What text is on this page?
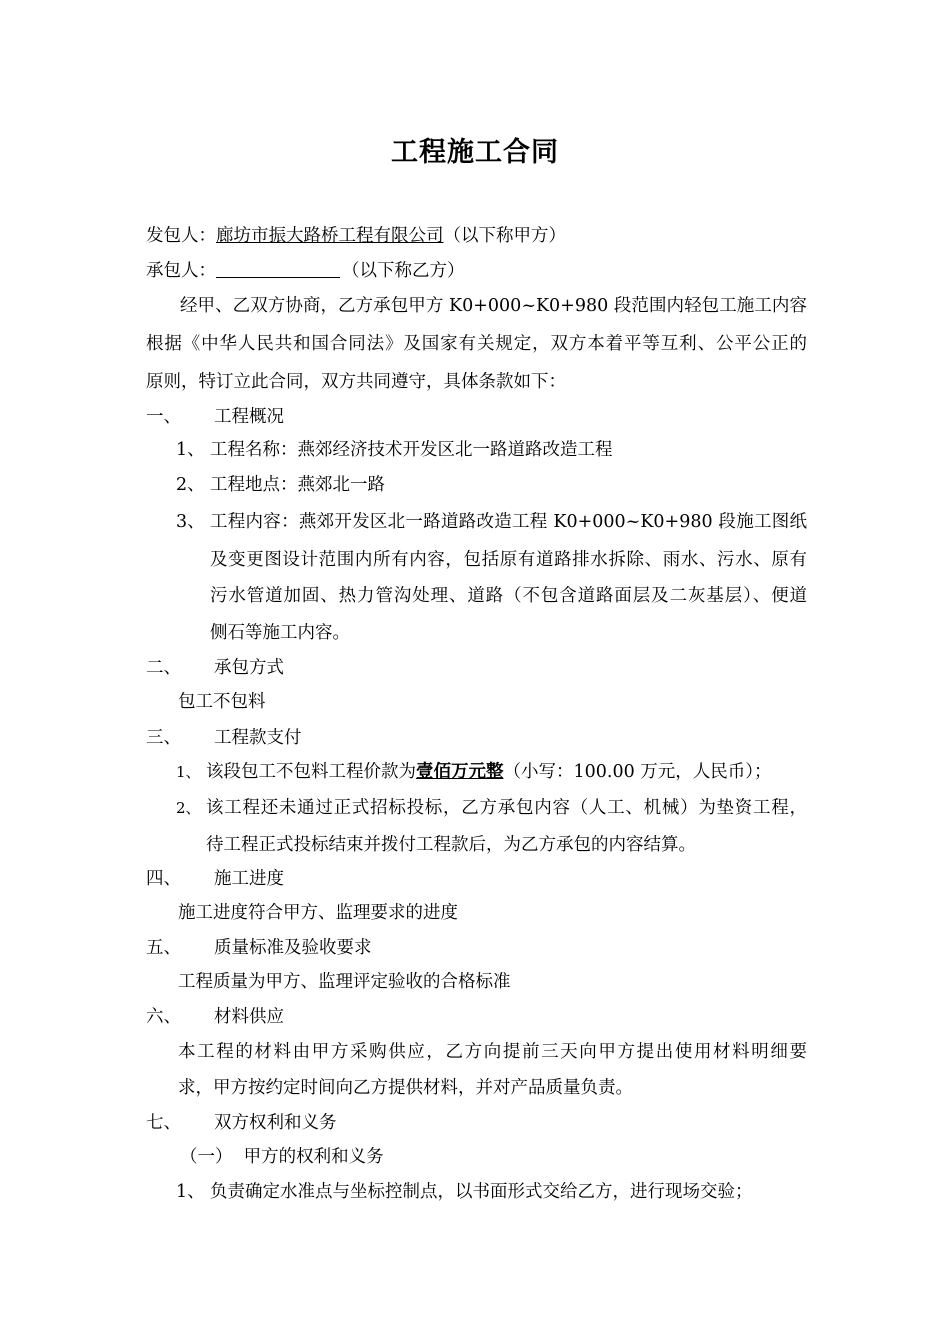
工程施工合同
发包人：廊坊市振大路桥工程有限公司（以下称甲方）
承包人：	（以下称乙方）
经甲、乙双方协商，乙方承包甲方 K0+000~K0+980 段范围内轻包工施工内容
根据《中华人民共和国合同法》及国家有关规定，双方本着平等互利、公平公正的
原则，特订立此合同，双方共同遵守，具体条款如下：
一、 工程概况
1、 工程名称：燕郊经济技术开发区北一路道路改造工程
2、 工程地点：燕郊北一路
3、 工程内容：燕郊开发区北一路道路改造工程 K0+000~K0+980 段施工图纸
及变更图设计范围内所有内容，包括原有道路排水拆除、雨水、污水、原有
污水管道加固、热力管沟处理、道路（不包含道路面层及二灰基层）、便道
侧石等施工内容。
二、 承包方式
包工不包料
三、 工程款支付
1、 该段包工不包料工程价款为壹佰万元整（小写：100.00 万元，人民币）；
2、 该工程还未通过正式招标投标，乙方承包内容（人工、机械）为垫资工程，
待工程正式投标结束并拨付工程款后，为乙方承包的内容结算。
四、 施工进度
施工进度符合甲方、监理要求的进度
五、 质量标准及验收要求
工程质量为甲方、监理评定验收的合格标准
六、 材料供应
本工程的材料由甲方采购供应，乙方向提前三天向甲方提出使用材料明细要
求，甲方按约定时间向乙方提供材料，并对产品质量负责。
七、 双方权利和义务
（一）  甲方的权利和义务
1、 负责确定水准点与坐标控制点，以书面形式交给乙方，进行现场交验；
